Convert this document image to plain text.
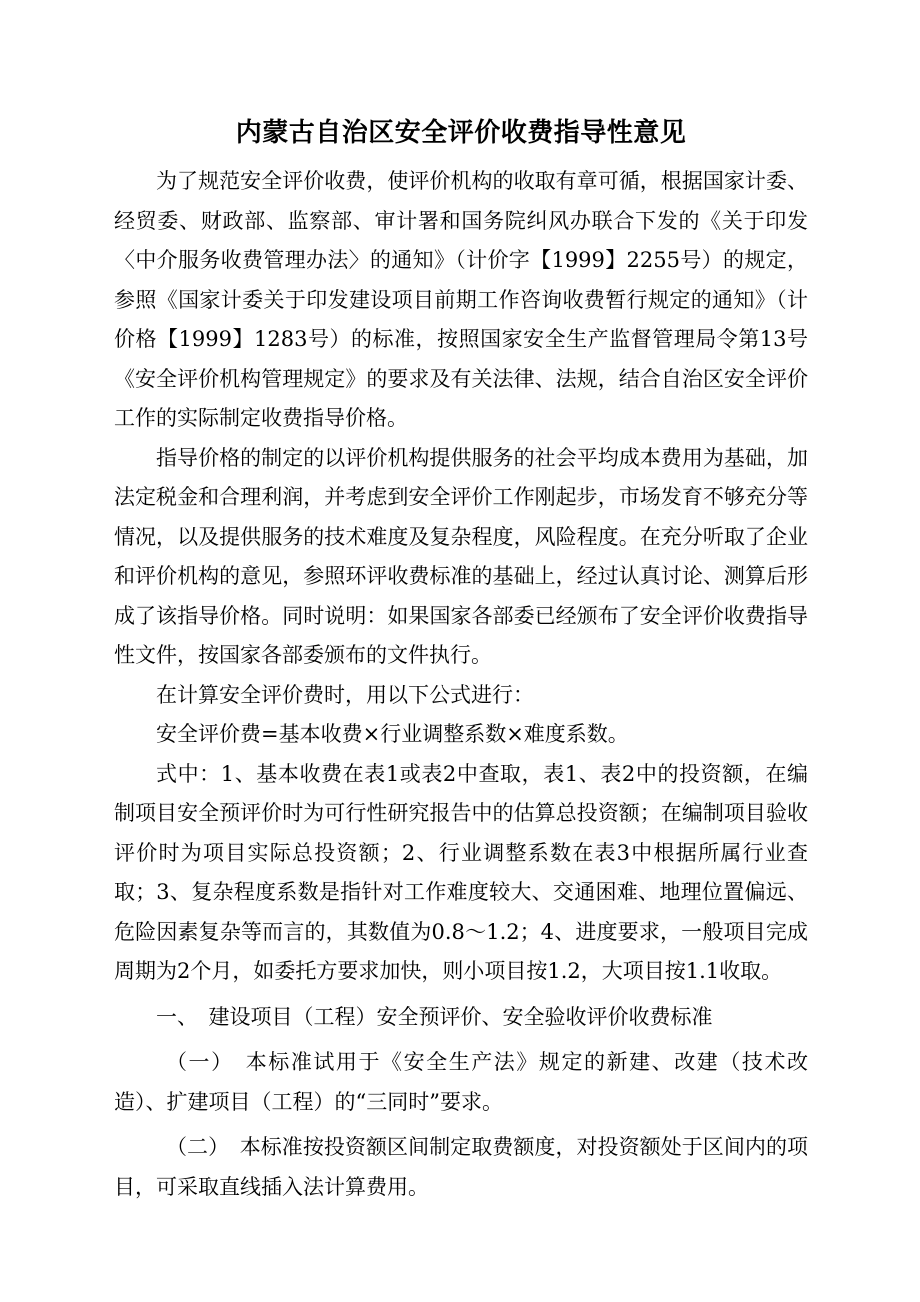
内蒙古自治区安全评价收费指导性意见

为了规范安全评价收费，使评价机构的收取有章可循，根据国家计委、经贸委、财政部、监察部、审计署和国务院纠风办联合下发的《关于印发〈中介服务收费管理办法〉的通知》（计价字【1999】2255号）的规定，参照《国家计委关于印发建设项目前期工作咨询收费暂行规定的通知》（计价格【1999】1283号）的标准，按照国家安全生产监督管理局令第13号《安全评价机构管理规定》的要求及有关法律、法规，结合自治区安全评价工作的实际制定收费指导价格。

指导价格的制定的以评价机构提供服务的社会平均成本费用为基础，加法定税金和合理利润，并考虑到安全评价工作刚起步，市场发育不够充分等情况，以及提供服务的技术难度及复杂程度，风险程度。在充分听取了企业和评价机构的意见，参照环评收费标准的基础上，经过认真讨论、测算后形成了该指导价格。同时说明：如果国家各部委已经颁布了安全评价收费指导性文件，按国家各部委颁布的文件执行。

在计算安全评价费时，用以下公式进行：

安全评价费=基本收费×行业调整系数×难度系数。

式中：1、基本收费在表1或表2中查取，表1、表2中的投资额，在编制项目安全预评价时为可行性研究报告中的估算总投资额；在编制项目验收评价时为项目实际总投资额；2、行业调整系数在表3中根据所属行业查取；3、复杂程度系数是指针对工作难度较大、交通困难、地理位置偏远、危险因素复杂等而言的，其数值为0.8～1.2；4、进度要求，一般项目完成周期为2个月，如委托方要求加快，则小项目按1.2，大项目按1.1收取。

一、　建设项目（工程）安全预评价、安全验收评价收费标准

（一）　本标准试用于《安全生产法》规定的新建、改建（技术改造）、扩建项目（工程）的“三同时”要求。

（二）　本标准按投资额区间制定取费额度，对投资额处于区间内的项目，可采取直线插入法计算费用。
